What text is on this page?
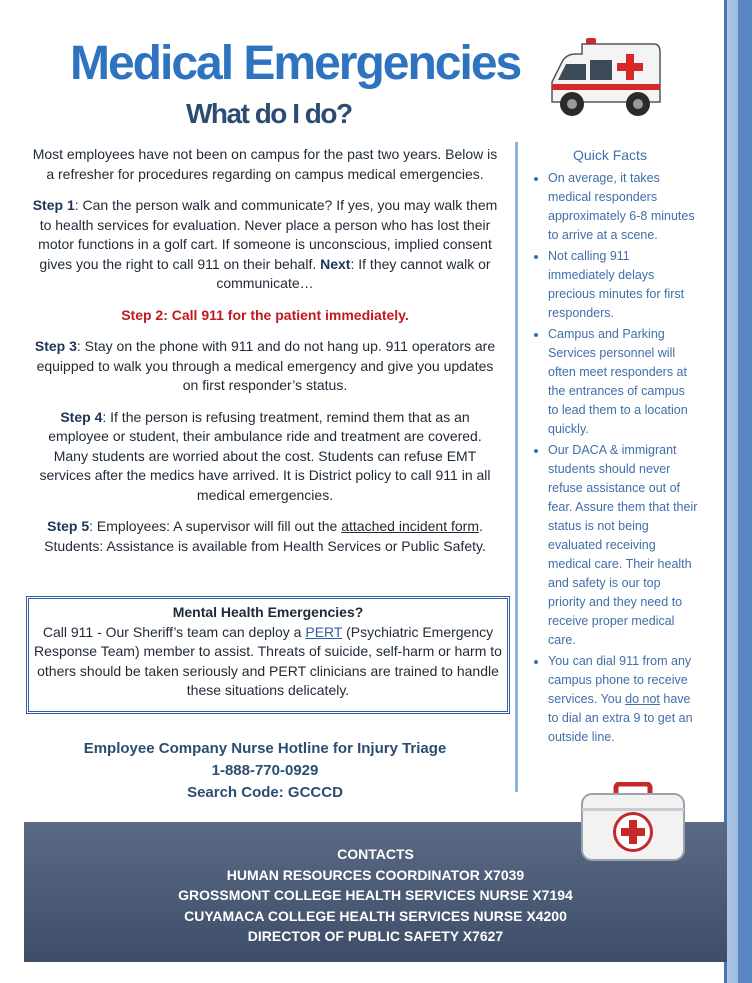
Medical Emergencies
What do I do?

Most employees have not been on campus for the past two years. Below is a refresher for procedures regarding on campus medical emergencies.

Step 1: Can the person walk and communicate? If yes, you may walk them to health services for evaluation. Never place a person who has lost their motor functions in a golf cart. If someone is unconscious, implied consent gives you the right to call 911 on their behalf. Next: If they cannot walk or communicate…

Step 2: Call 911 for the patient immediately.

Step 3: Stay on the phone with 911 and do not hang up. 911 operators are equipped to walk you through a medical emergency and give you updates on first responder’s status.

Step 4: If the person is refusing treatment, remind them that as an employee or student, their ambulance ride and treatment are covered. Many students are worried about the cost. Students can refuse EMT services after the medics have arrived. It is District policy to call 911 in all medical emergencies.

Step 5: Employees: A supervisor will fill out the attached incident form. Students: Assistance is available from Health Services or Public Safety.

Mental Health Emergencies?
Call 911 - Our Sheriff’s team can deploy a PERT (Psychiatric Emergency Response Team) member to assist. Threats of suicide, self-harm or harm to others should be taken seriously and PERT clinicians are trained to handle these situations delicately.
Employee Company Nurse Hotline for Injury Triage
1-888-770-0929
Search Code: GCCCD
Quick Facts
• On average, it takes medical responders approximately 6-8 minutes to arrive at a scene.
• Not calling 911 immediately delays precious minutes for first responders.
• Campus and Parking Services personnel will often meet responders at the entrances of campus to lead them to a location quickly.
• Our DACA & immigrant students should never refuse assistance out of fear. Assure them that their status is not being evaluated receiving medical care. Their health and safety is our top priority and they need to receive proper medical care.
• You can dial 911 from any campus phone to receive services. You do not have to dial an extra 9 to get an outside line.
CONTACTS
HUMAN RESOURCES COORDINATOR X7039
GROSSMONT COLLEGE HEALTH SERVICES NURSE X7194
CUYAMACA COLLEGE HEALTH SERVICES NURSE X4200
DIRECTOR OF PUBLIC SAFETY X7627
